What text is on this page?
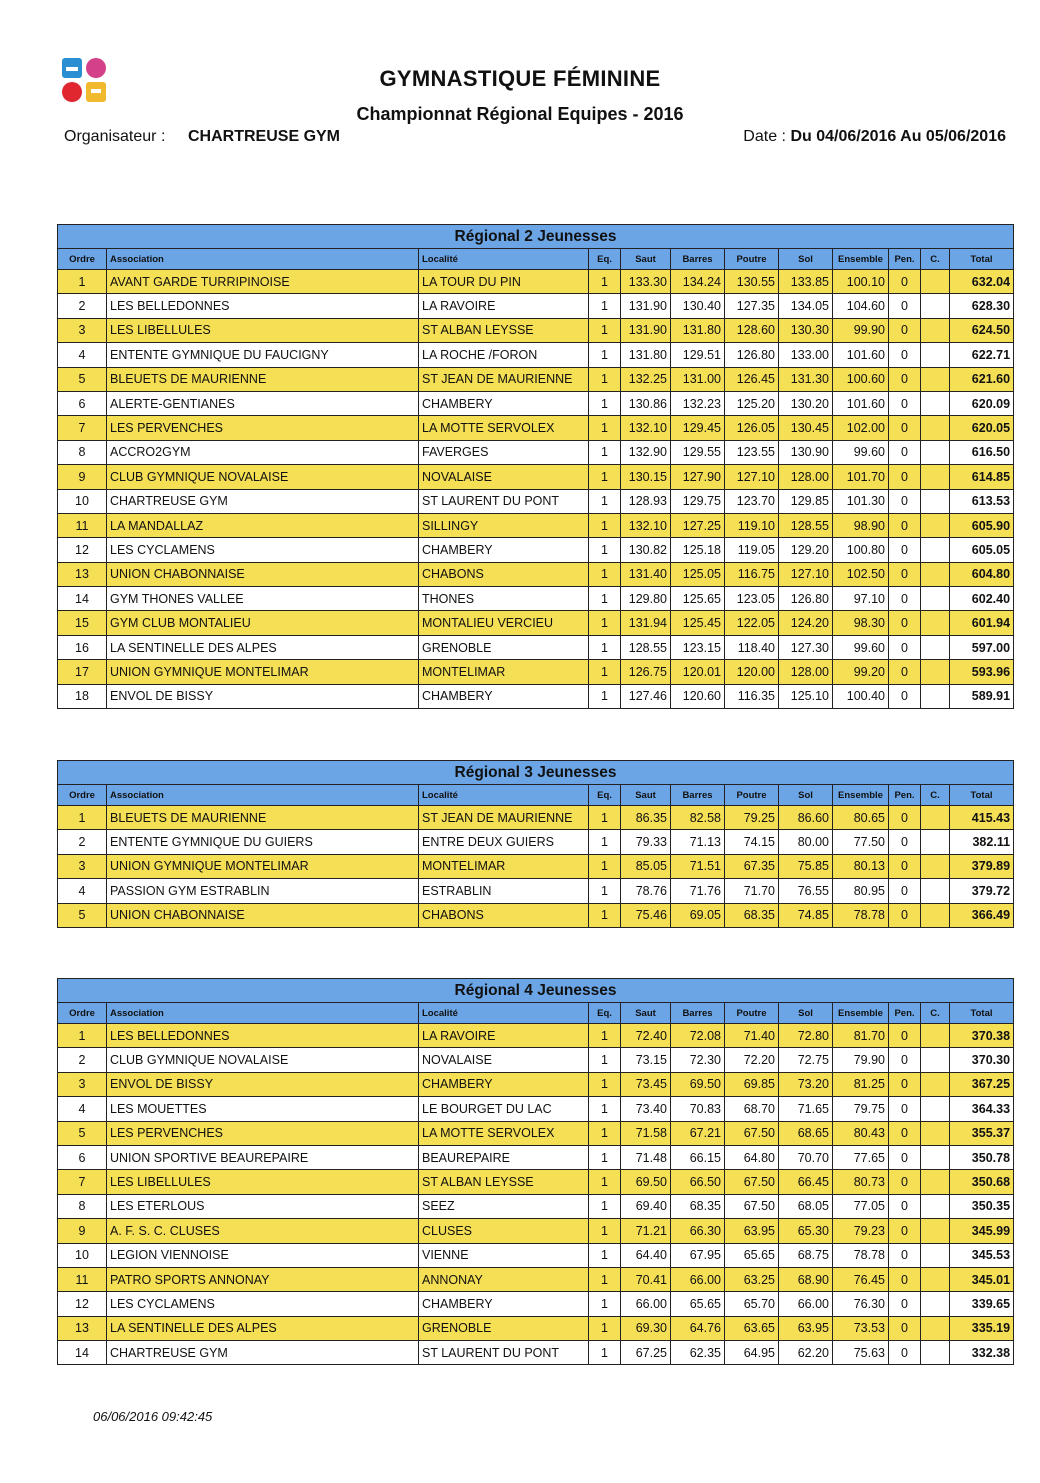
GYMNASTIQUE FÉMININE
Championnat Régional Equipes - 2016
Organisateur : CHARTREUSE GYM	Date : Du 04/06/2016 Au 05/06/2016
Régional 2 Jeunesses											
Ordre	Association	Localité	Eq.	Saut	Barres	Poutre	Sol	Ensemble	Pen.	C.	Total
1	AVANT GARDE TURRIPINOISE	LA TOUR DU PIN	1	133.30	134.24	130.55	133.85	100.10	0		632.04
2	LES BELLEDONNES	LA RAVOIRE	1	131.90	130.40	127.35	134.05	104.60	0		628.30
3	LES LIBELLULES	ST ALBAN LEYSSE	1	131.90	131.80	128.60	130.30	99.90	0		624.50
4	ENTENTE GYMNIQUE DU FAUCIGNY	LA ROCHE /FORON	1	131.80	129.51	126.80	133.00	101.60	0		622.71
5	BLEUETS DE MAURIENNE	ST JEAN DE MAURIENNE	1	132.25	131.00	126.45	131.30	100.60	0		621.60
6	ALERTE-GENTIANES	CHAMBERY	1	130.86	132.23	125.20	130.20	101.60	0		620.09
7	LES PERVENCHES	LA MOTTE SERVOLEX	1	132.10	129.45	126.05	130.45	102.00	0		620.05
8	ACCRO2GYM	FAVERGES	1	132.90	129.55	123.55	130.90	99.60	0		616.50
9	CLUB GYMNIQUE NOVALAISE	NOVALAISE	1	130.15	127.90	127.10	128.00	101.70	0		614.85
10	CHARTREUSE GYM	ST LAURENT DU PONT	1	128.93	129.75	123.70	129.85	101.30	0		613.53
11	LA MANDALLAZ	SILLINGY	1	132.10	127.25	119.10	128.55	98.90	0		605.90
12	LES CYCLAMENS	CHAMBERY	1	130.82	125.18	119.05	129.20	100.80	0		605.05
13	UNION CHABONNAISE	CHABONS	1	131.40	125.05	116.75	127.10	102.50	0		604.80
14	GYM THONES VALLEE	THONES	1	129.80	125.65	123.05	126.80	97.10	0		602.40
15	GYM CLUB MONTALIEU	MONTALIEU VERCIEU	1	131.94	125.45	122.05	124.20	98.30	0		601.94
16	LA SENTINELLE DES ALPES	GRENOBLE	1	128.55	123.15	118.40	127.30	99.60	0		597.00
17	UNION GYMNIQUE MONTELIMAR	MONTELIMAR	1	126.75	120.01	120.00	128.00	99.20	0		593.96
18	ENVOL DE BISSY	CHAMBERY	1	127.46	120.60	116.35	125.10	100.40	0		589.91
Régional 3 Jeunesses											
Ordre	Association	Localité	Eq.	Saut	Barres	Poutre	Sol	Ensemble	Pen.	C.	Total
1	BLEUETS DE MAURIENNE	ST JEAN DE MAURIENNE	1	86.35	82.58	79.25	86.60	80.65	0		415.43
2	ENTENTE GYMNIQUE DU GUIERS	ENTRE DEUX GUIERS	1	79.33	71.13	74.15	80.00	77.50	0		382.11
3	UNION GYMNIQUE MONTELIMAR	MONTELIMAR	1	85.05	71.51	67.35	75.85	80.13	0		379.89
4	PASSION GYM ESTRABLIN	ESTRABLIN	1	78.76	71.76	71.70	76.55	80.95	0		379.72
5	UNION CHABONNAISE	CHABONS	1	75.46	69.05	68.35	74.85	78.78	0		366.49
Régional 4 Jeunesses											
Ordre	Association	Localité	Eq.	Saut	Barres	Poutre	Sol	Ensemble	Pen.	C.	Total
1	LES BELLEDONNES	LA RAVOIRE	1	72.40	72.08	71.40	72.80	81.70	0		370.38
2	CLUB GYMNIQUE NOVALAISE	NOVALAISE	1	73.15	72.30	72.20	72.75	79.90	0		370.30
3	ENVOL DE BISSY	CHAMBERY	1	73.45	69.50	69.85	73.20	81.25	0		367.25
4	LES MOUETTES	LE BOURGET DU LAC	1	73.40	70.83	68.70	71.65	79.75	0		364.33
5	LES PERVENCHES	LA MOTTE SERVOLEX	1	71.58	67.21	67.50	68.65	80.43	0		355.37
6	UNION SPORTIVE BEAUREPAIRE	BEAUREPAIRE	1	71.48	66.15	64.80	70.70	77.65	0		350.78
7	LES LIBELLULES	ST ALBAN LEYSSE	1	69.50	66.50	67.50	66.45	80.73	0		350.68
8	LES ETERLOUS	SEEZ	1	69.40	68.35	67.50	68.05	77.05	0		350.35
9	A. F. S. C. CLUSES	CLUSES	1	71.21	66.30	63.95	65.30	79.23	0		345.99
10	LEGION VIENNOISE	VIENNE	1	64.40	67.95	65.65	68.75	78.78	0		345.53
11	PATRO SPORTS ANNONAY	ANNONAY	1	70.41	66.00	63.25	68.90	76.45	0		345.01
12	LES CYCLAMENS	CHAMBERY	1	66.00	65.65	65.70	66.00	76.30	0		339.65
13	LA SENTINELLE DES ALPES	GRENOBLE	1	69.30	64.76	63.65	63.95	73.53	0		335.19
14	CHARTREUSE GYM	ST LAURENT DU PONT	1	67.25	62.35	64.95	62.20	75.63	0		332.38
06/06/2016 09:42:45
